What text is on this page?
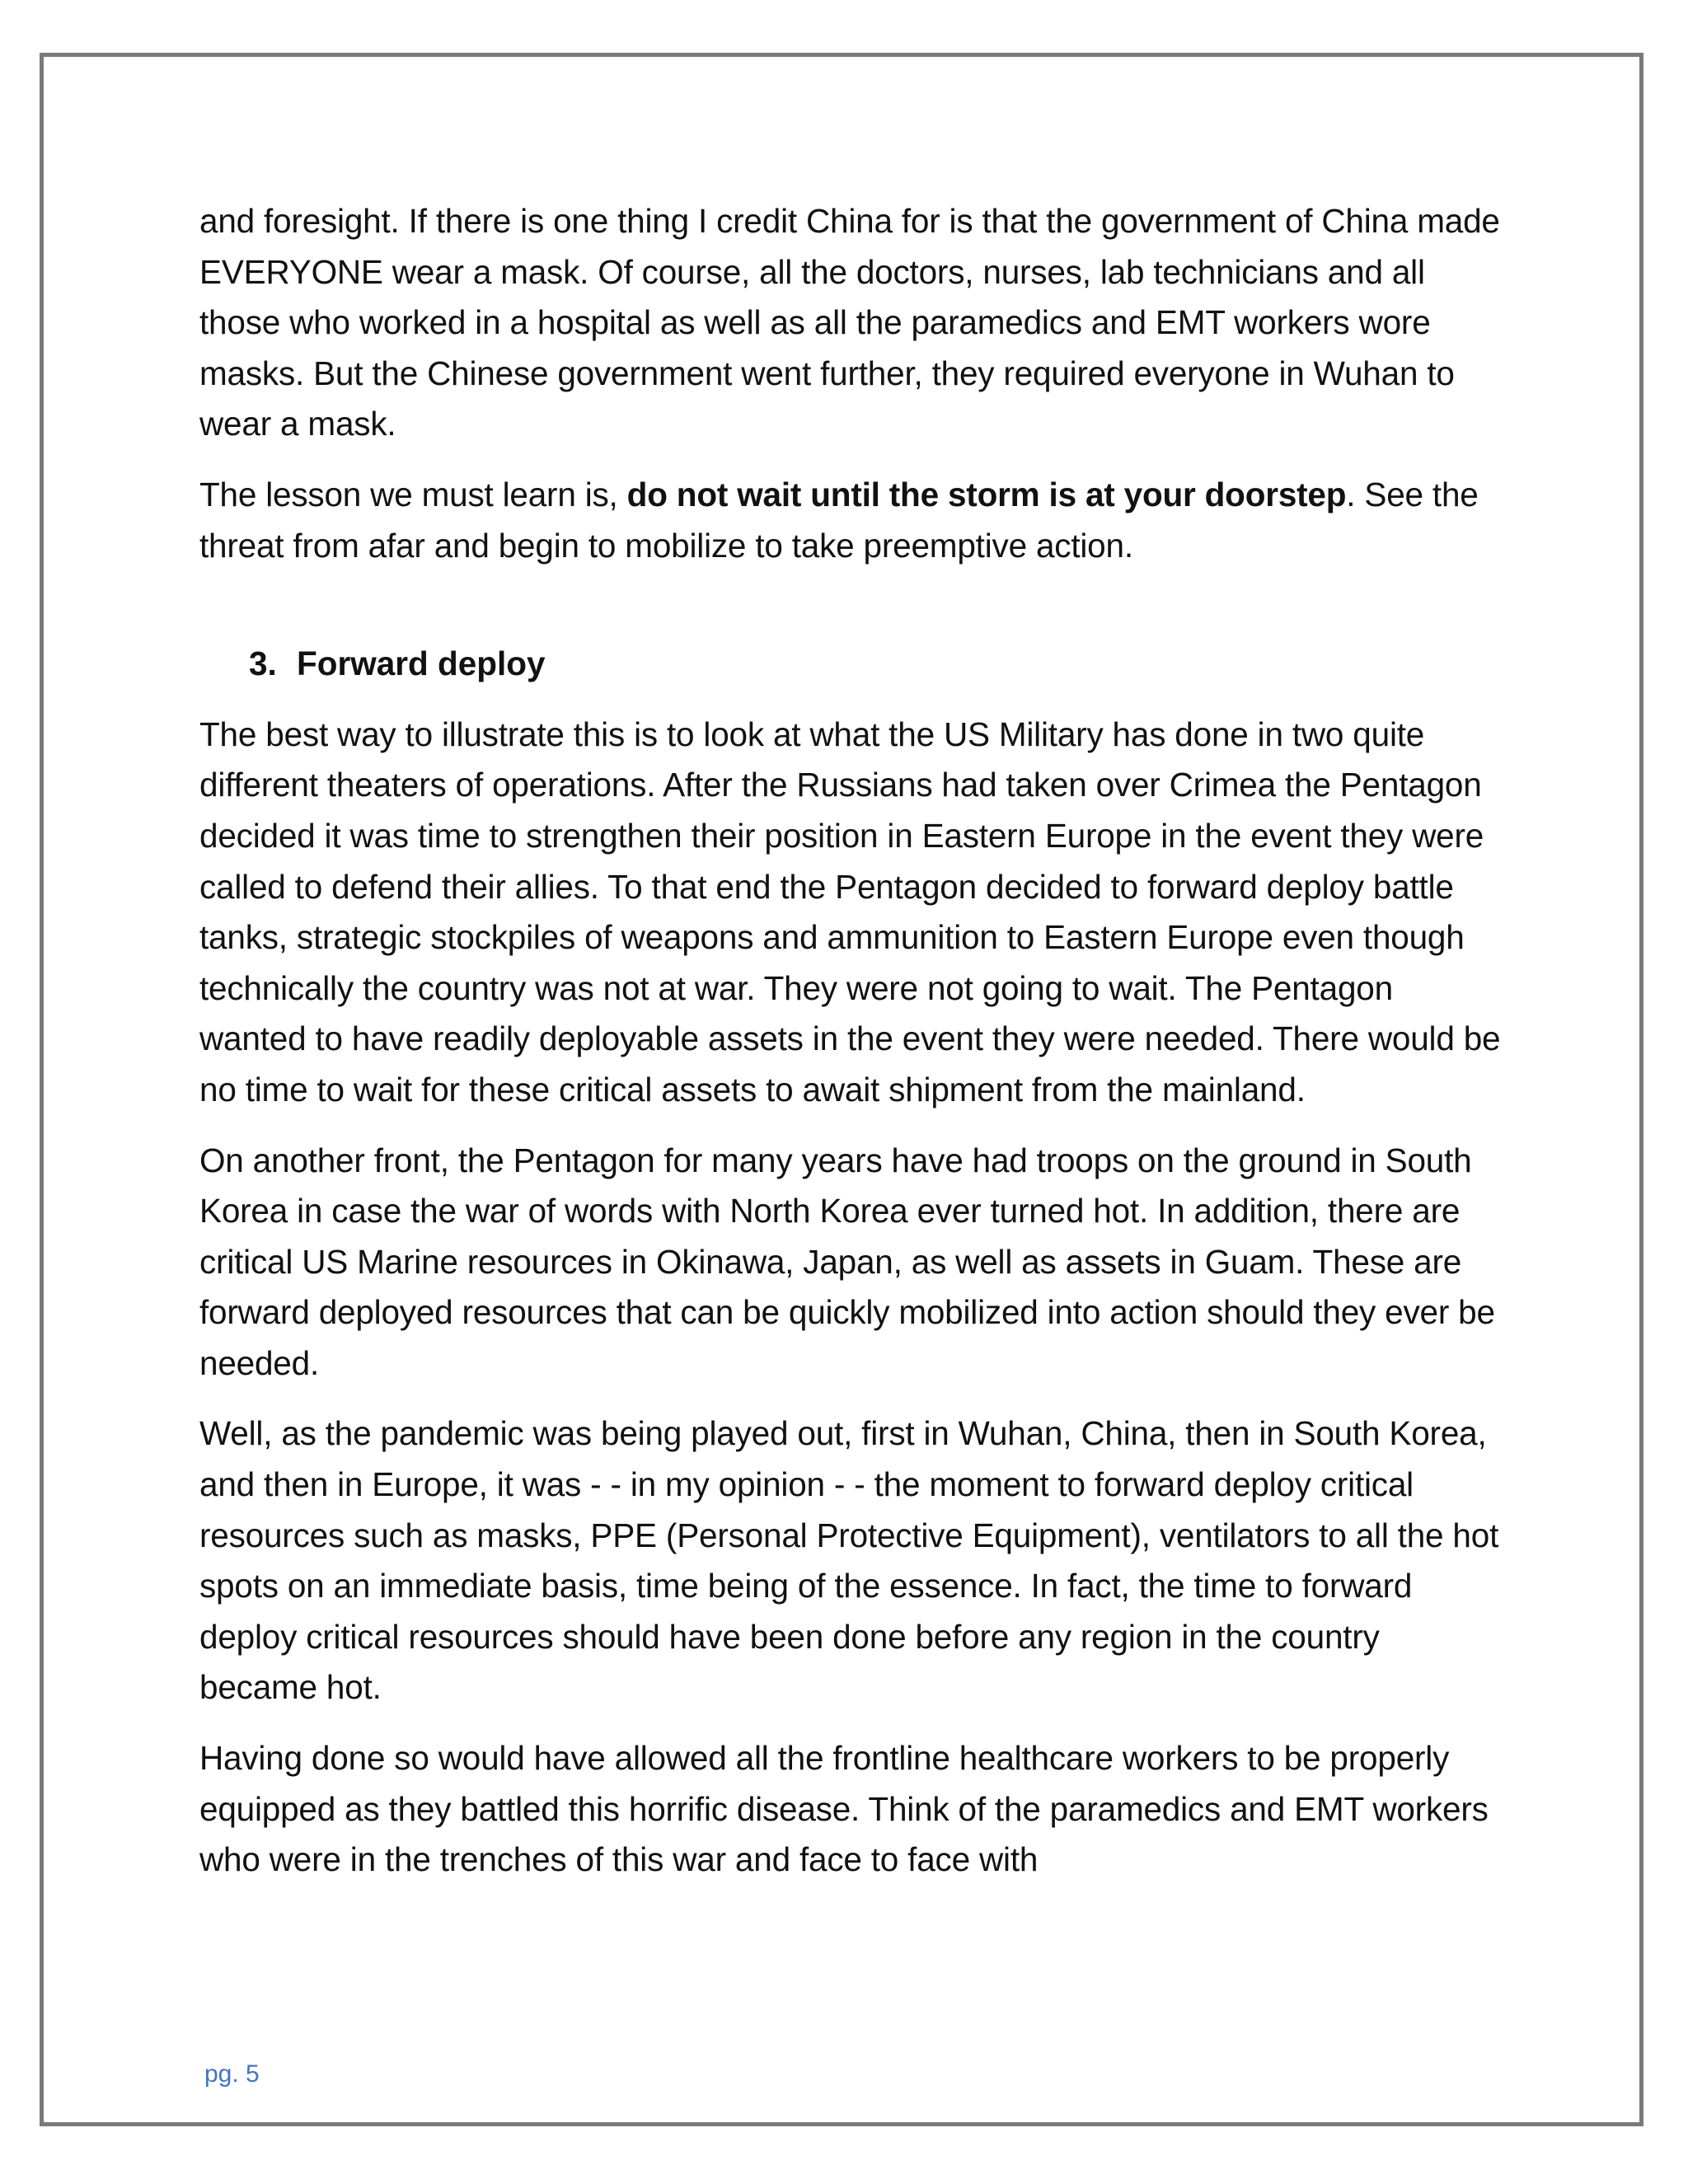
and foresight. If there is one thing I credit China for is that the government of China made EVERYONE wear a mask. Of course, all the doctors, nurses, lab technicians and all those who worked in a hospital as well as all the paramedics and EMT workers wore masks. But the Chinese government went further, they required everyone in Wuhan to wear a mask.

The lesson we must learn is, do not wait until the storm is at your doorstep. See the threat from afar and begin to mobilize to take preemptive action.

3. Forward deploy

The best way to illustrate this is to look at what the US Military has done in two quite different theaters of operations. After the Russians had taken over Crimea the Pentagon decided it was time to strengthen their position in Eastern Europe in the event they were called to defend their allies. To that end the Pentagon decided to forward deploy battle tanks, strategic stockpiles of weapons and ammunition to Eastern Europe even though technically the country was not at war. They were not going to wait. The Pentagon wanted to have readily deployable assets in the event they were needed. There would be no time to wait for these critical assets to await shipment from the mainland.

On another front, the Pentagon for many years have had troops on the ground in South Korea in case the war of words with North Korea ever turned hot. In addition, there are critical US Marine resources in Okinawa, Japan, as well as assets in Guam. These are forward deployed resources that can be quickly mobilized into action should they ever be needed.

Well, as the pandemic was being played out, first in Wuhan, China, then in South Korea, and then in Europe, it was - - in my opinion - - the moment to forward deploy critical resources such as masks, PPE (Personal Protective Equipment), ventilators to all the hot spots on an immediate basis, time being of the essence. In fact, the time to forward deploy critical resources should have been done before any region in the country became hot.

Having done so would have allowed all the frontline healthcare workers to be properly equipped as they battled this horrific disease. Think of the paramedics and EMT workers who were in the trenches of this war and face to face with

pg. 5
